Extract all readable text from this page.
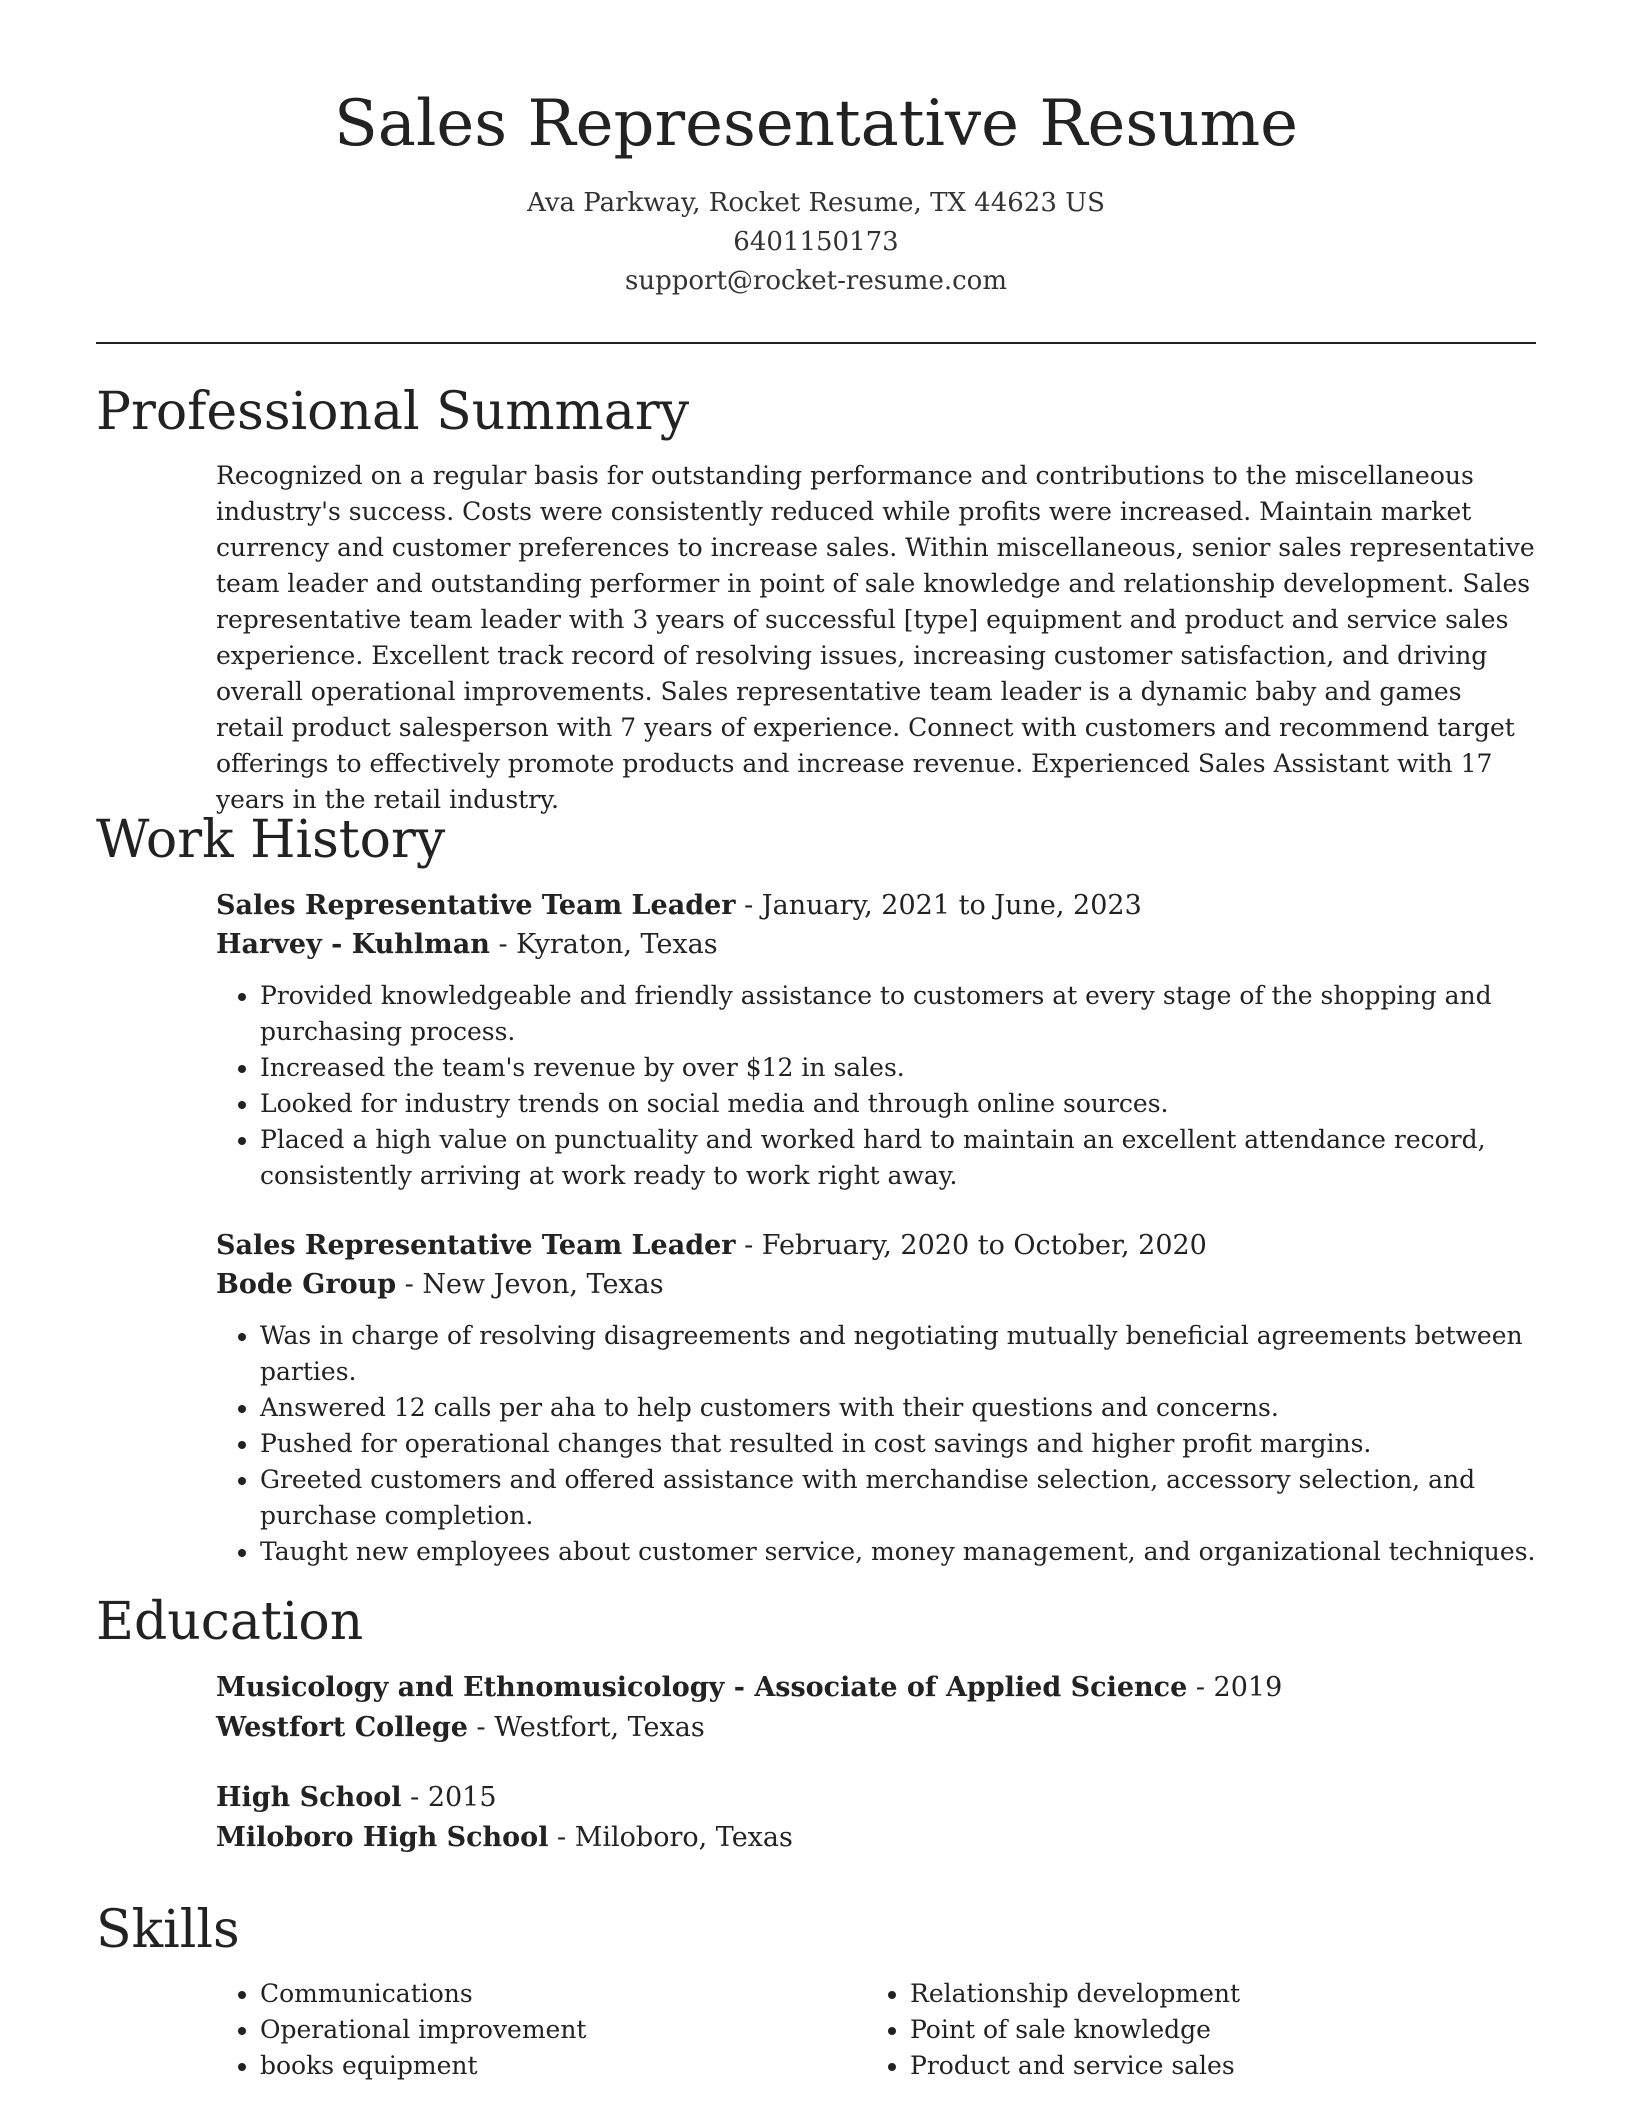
Sales Representative Resume
Ava Parkway, Rocket Resume, TX 44623 US
6401150173
support@rocket-resume.com
Professional Summary

Recognized on a regular basis for outstanding performance and contributions to the miscellaneous industry's success. Costs were consistently reduced while profits were increased. Maintain market currency and customer preferences to increase sales. Within miscellaneous, senior sales representative team leader and outstanding performer in point of sale knowledge and relationship development. Sales representative team leader with 3 years of successful [type] equipment and product and service sales experience. Excellent track record of resolving issues, increasing customer satisfaction, and driving overall operational improvements. Sales representative team leader is a dynamic baby and games retail product salesperson with 7 years of experience. Connect with customers and recommend target offerings to effectively promote products and increase revenue. Experienced Sales Assistant with 17 years in the retail industry.

Work History

Sales Representative Team Leader - January, 2021 to June, 2023

Harvey - Kuhlman - Kyraton, Texas

• Provided knowledgeable and friendly assistance to customers at every stage of the shopping and purchasing process.
• Increased the team's revenue by over $12 in sales.
• Looked for industry trends on social media and through online sources.
• Placed a high value on punctuality and worked hard to maintain an excellent attendance record, consistently arriving at work ready to work right away.

Sales Representative Team Leader - February, 2020 to October, 2020

Bode Group - New Jevon, Texas

• Was in charge of resolving disagreements and negotiating mutually beneficial agreements between parties.
• Answered 12 calls per aha to help customers with their questions and concerns.
• Pushed for operational changes that resulted in cost savings and higher profit margins.
• Greeted customers and offered assistance with merchandise selection, accessory selection, and purchase completion.
• Taught new employees about customer service, money management, and organizational techniques.
Education

Musicology and Ethnomusicology - Associate of Applied Science - 2019

Westfort College - Westfort, Texas

High School - 2015

Miloboro High School - Miloboro, Texas

Skills
• Communications
• Operational improvement
• books equipment
• Relationship development
• Point of sale knowledge
• Product and service sales
